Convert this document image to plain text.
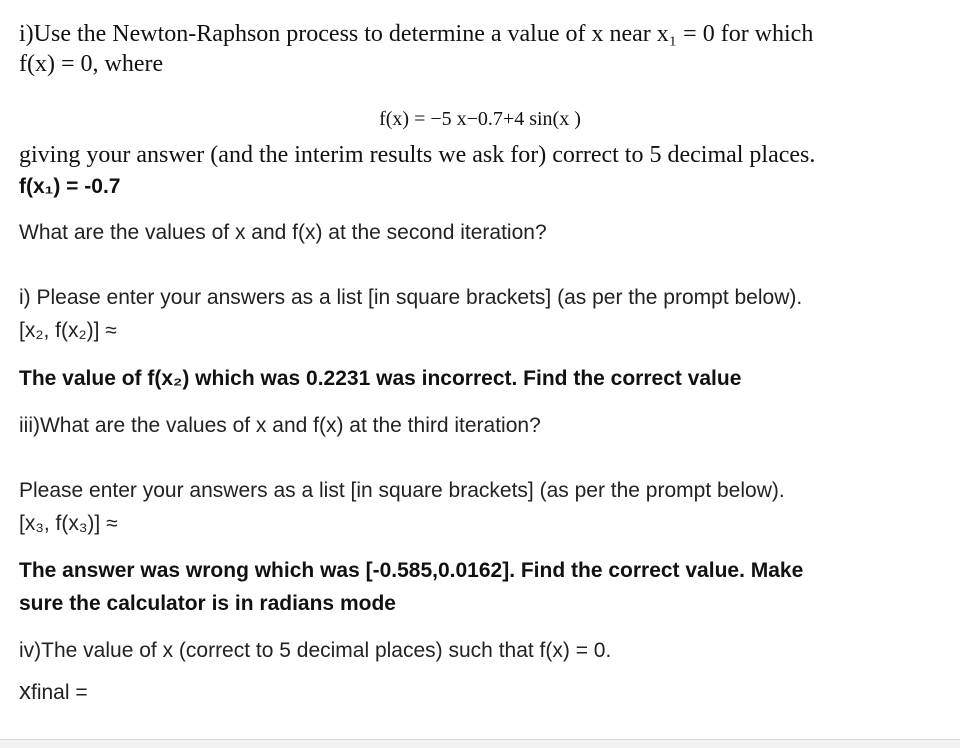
i)Use the Newton-Raphson process to determine a value of x near x₁ = 0 for which
f(x) = 0, where
f(x) = −5 x−0.7+4 sin(x )
giving your answer (and the interim results we ask for) correct to 5 decimal places.
f(x₁) = -0.7
What are the values of x and f(x) at the second iteration?
i) Please enter your answers as a list [in square brackets] (as per the prompt below).
[x₂, f(x₂)] ≈
The value of f(x₂) which was 0.2231 was incorrect. Find the correct value
iii)What are the values of x and f(x) at the third iteration?
Please enter your answers as a list [in square brackets] (as per the prompt below).
[x₃, f(x₃)] ≈
The answer was wrong which was [-0.585,0.0162]. Find the correct value. Make
sure the calculator is in radians mode
iv)The value of x (correct to 5 decimal places) such that f(x) = 0.
xfinal =
